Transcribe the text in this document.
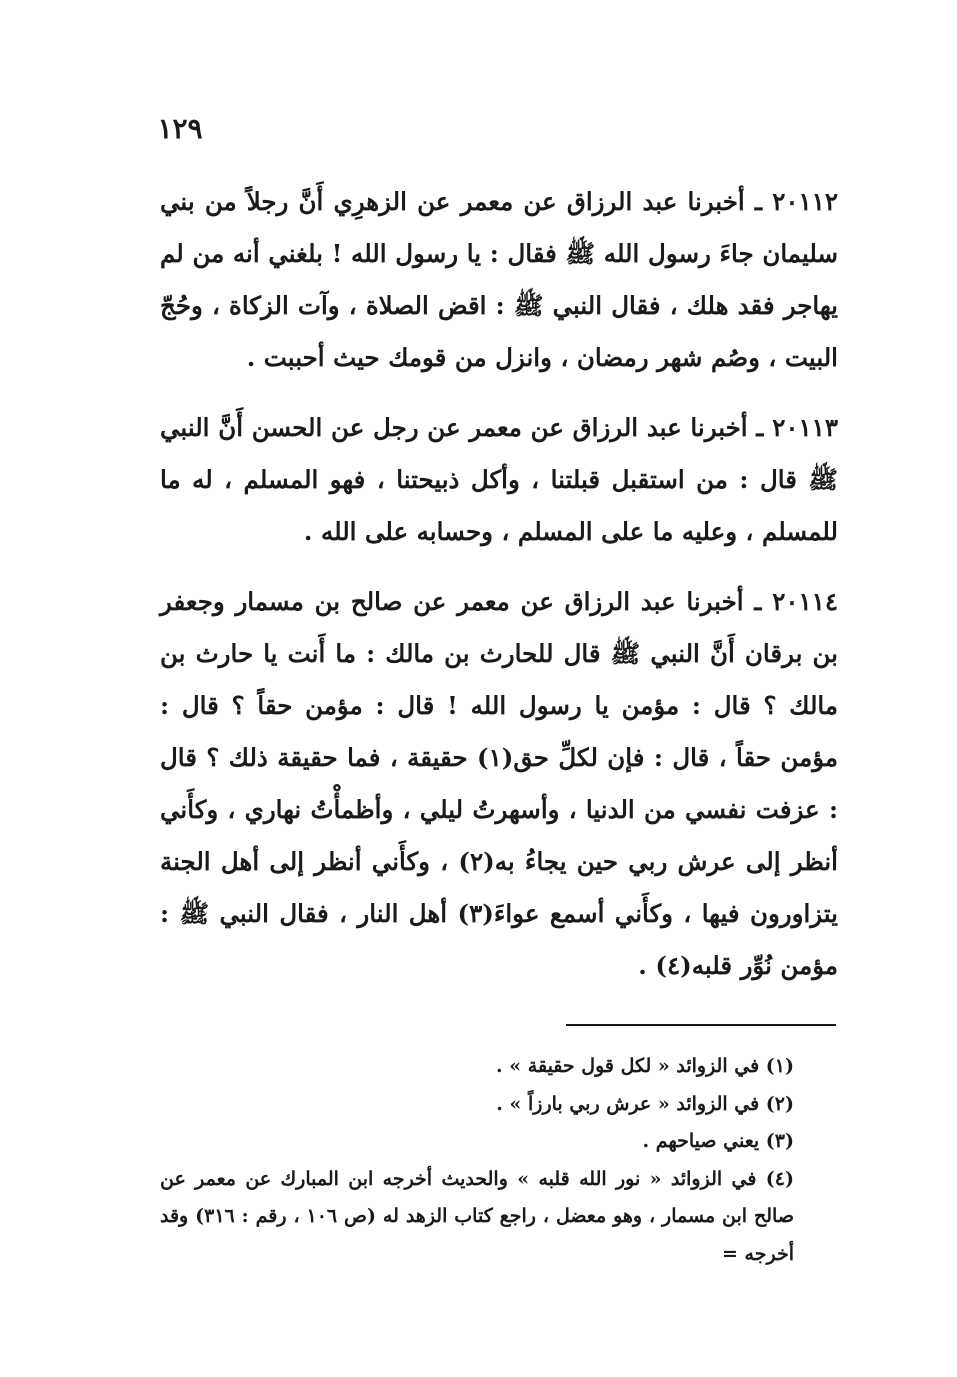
١٢٩

٢٠١١٢ ـ أخبرنا عبد الرزاق عن معمر عن الزهرِي أَنَّ رجلاً من بني سليمان جاءَ رسول الله ﷺ فقال : يا رسول الله ! بلغني أنه من لم يهاجر فقد هلك ، فقال النبي ﷺ : اقض الصلاة ، وآت الزكاة ، وحُجّ البيت ، وصُم شهر رمضان ، وانزل من قومك حيث أحببت .

٢٠١١٣ ـ أخبرنا عبد الرزاق عن معمر عن رجل عن الحسن أَنَّ النبي ﷺ قال : من استقبل قبلتنا ، وأكل ذبيحتنا ، فهو المسلم ، له ما للمسلم ، وعليه ما على المسلم ، وحسابه على الله .

٢٠١١٤ ـ أخبرنا عبد الرزاق عن معمر عن صالح بن مسمار وجعفر بن برقان أَنَّ النبي ﷺ قال للحارث بن مالك : ما أَنت يا حارث بن مالك ؟ قال : مؤمن يا رسول الله ! قال : مؤمن حقاً ؟ قال : مؤمن حقاً ، قال : فإن لكلِّ حق(١) حقيقة ، فما حقيقة ذلك ؟ قال : عزفت نفسي من الدنيا ، وأسهرتُ ليلي ، وأظمأْتُ نهاري ، وكأَني أنظر إلى عرش ربي حين يجاءُ به(٢) ، وكأَني أنظر إلى أهل الجنة يتزاورون فيها ، وكأَني أسمع عواءَ(٣) أهل النار ، فقال النبي ﷺ : مؤمن نُوِّر قلبه(٤) .

(١) في الزوائد « لكل قول حقيقة » .

(٢) في الزوائد « عرش ربي بارزاً » .

(٣) يعني صياحهم .

(٤) في الزوائد « نور الله قلبه » والحديث أخرجه ابن المبارك عن معمر عن صالح ابن مسمار ، وهو معضل ، راجع كتاب الزهد له (ص ١٠٦ ، رقم : ٣١٦) وقد أخرجه =
